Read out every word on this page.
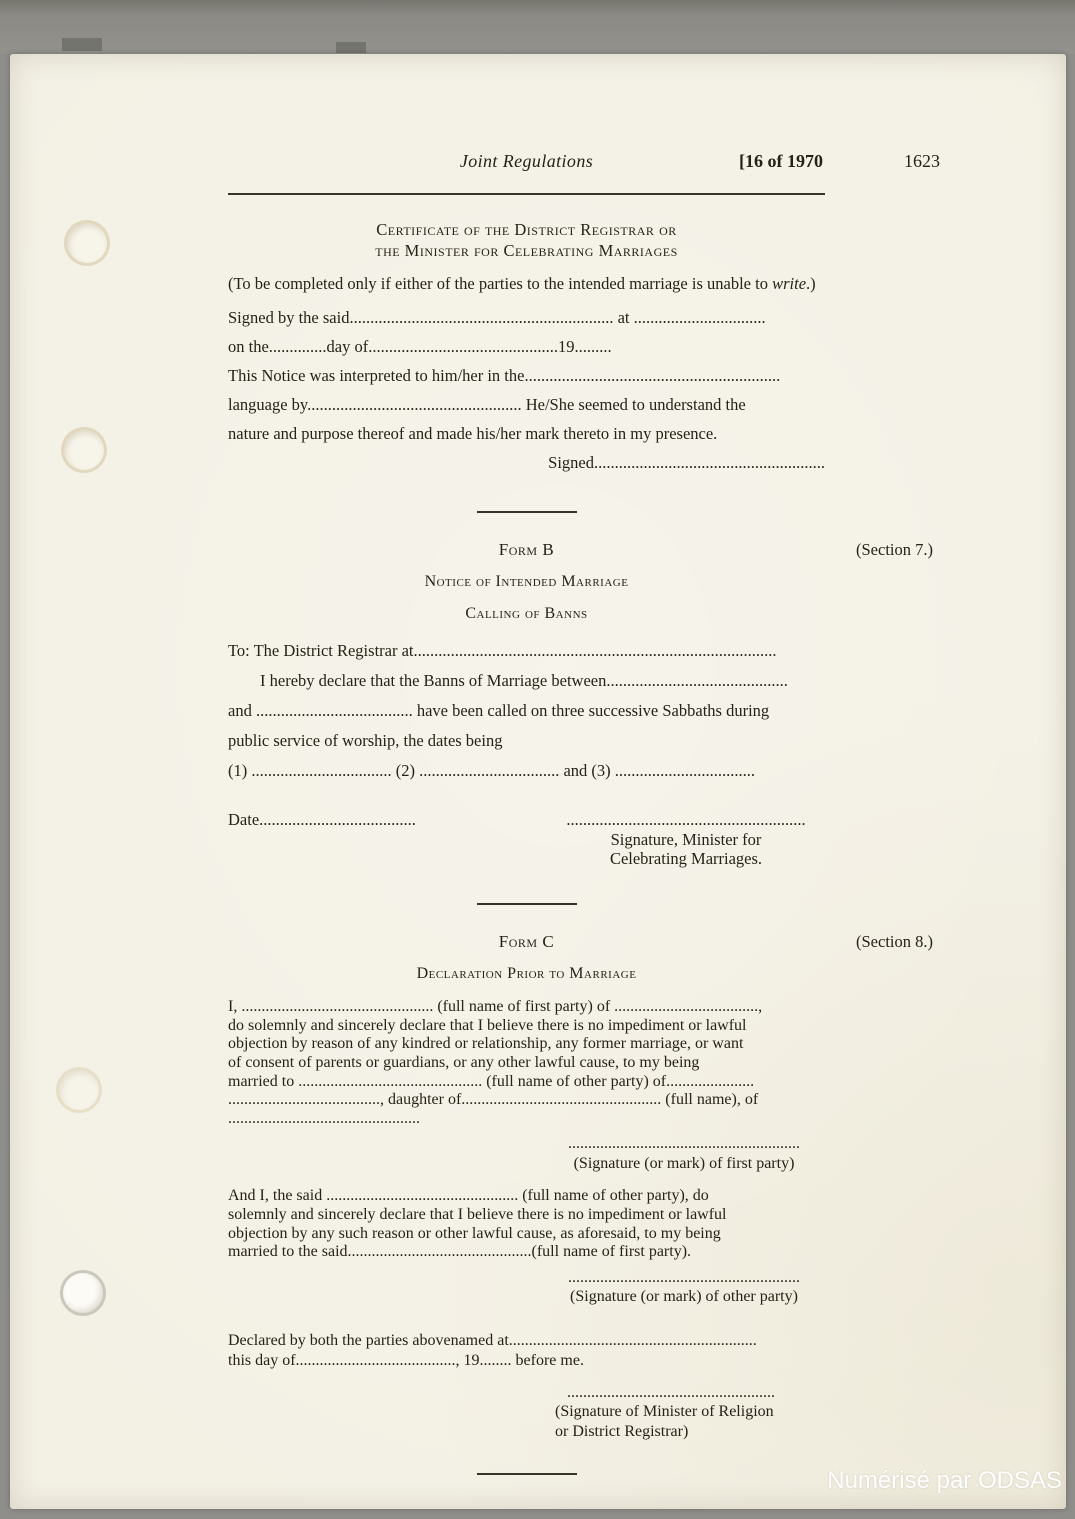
Joint Regulations	[16 of 1970	1623
Certificate of the District Registrar or
the Minister for Celebrating Marriages

(To be completed only if either of the parties to the intended marriage is unable to write.)

Signed by the said................................................................ at ................................
on the..............day of..............................................19.........
This Notice was interpreted to him/her in the..............................................................
language by.................................................... He/She seemed to understand the
nature and purpose thereof and made his/her mark thereto in my presence.
Signed........................................................
Form B	(Section 7.)
Notice of Intended Marriage
Calling of Banns
To: The District Registrar at........................................................................................
I hereby declare that the Banns of Marriage between............................................
and ...................................... have been called on three successive Sabbaths during
public service of worship, the dates being
(1) .................................. (2) .................................. and (3) ..................................
Date......................................	..........................................................
Signature, Minister for
Celebrating Marriages.
Form C	(Section 8.)
Declaration Prior to Marriage
I, ................................................ (full name of first party) of ....................................,
do solemnly and sincerely declare that I believe there is no impediment or lawful
objection by reason of any kindred or relationship, any former marriage, or want
of consent of parents or guardians, or any other lawful cause, to my being
married to .............................................. (full name of other party) of......................
......................................, daughter of.................................................. (full name), of
................................................
..........................................................
(Signature (or mark) of first party)
And I, the said ................................................ (full name of other party), do
solemnly and sincerely declare that I believe there is no impediment or lawful
objection by any such reason or other lawful cause, as aforesaid, to my being
married to the said..............................................(full name of first party).
..........................................................
(Signature (or mark) of other party)
Declared by both the parties abovenamed at..............................................................
this day of........................................, 19........ before me.
....................................................
(Signature of Minister of Religion
or District Registrar)
Numérisé par ODSAS
